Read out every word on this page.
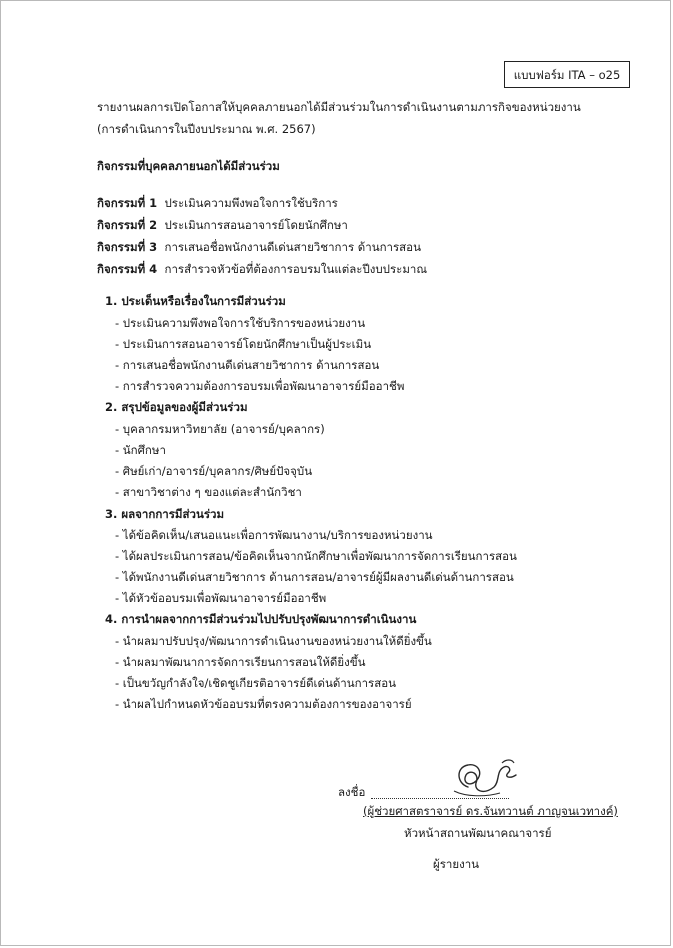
แบบฟอร์ม ITA – o25
รายงานผลการเปิดโอกาสให้บุคคลภายนอกได้มีส่วนร่วมในการดำเนินงานตามภารกิจของหน่วยงาน
(การดำเนินการในปีงบประมาณ พ.ศ. 2567)
กิจกรรมที่บุคคลภายนอกได้มีส่วนร่วม
กิจกรรมที่ 1 ประเมินความพึงพอใจการใช้บริการ
กิจกรรมที่ 2 ประเมินการสอนอาจารย์โดยนักศึกษา
กิจกรรมที่ 3 การเสนอชื่อพนักงานดีเด่นสายวิชาการ ด้านการสอน
กิจกรรมที่ 4 การสำรวจหัวข้อที่ต้องการอบรมในแต่ละปีงบประมาณ
1. ประเด็นหรือเรื่องในการมีส่วนร่วม
- ประเมินความพึงพอใจการใช้บริการของหน่วยงาน
- ประเมินการสอนอาจารย์โดยนักศึกษาเป็นผู้ประเมิน
- การเสนอชื่อพนักงานดีเด่นสายวิชาการ ด้านการสอน
- การสำรวจความต้องการอบรมเพื่อพัฒนาอาจารย์มืออาชีพ
2. สรุปข้อมูลของผู้มีส่วนร่วม
- บุคลากรมหาวิทยาลัย (อาจารย์/บุคลากร)
- นักศึกษา
- ศิษย์เก่า/อาจารย์/บุคลากร/ศิษย์ปัจจุบัน
- สาขาวิชาต่าง ๆ ของแต่ละสำนักวิชา
3. ผลจากการมีส่วนร่วม
- ได้ข้อคิดเห็น/เสนอแนะเพื่อการพัฒนางาน/บริการของหน่วยงาน
- ได้ผลประเมินการสอน/ข้อคิดเห็นจากนักศึกษาเพื่อพัฒนาการจัดการเรียนการสอน
- ได้พนักงานดีเด่นสายวิชาการ ด้านการสอน/อาจารย์ผู้มีผลงานดีเด่นด้านการสอน
- ได้หัวข้ออบรมเพื่อพัฒนาอาจารย์มืออาชีพ
4. การนำผลจากการมีส่วนร่วมไปปรับปรุงพัฒนาการดำเนินงาน
- นำผลมาปรับปรุง/พัฒนาการดำเนินงานของหน่วยงานให้ดียิ่งขึ้น
- นำผลมาพัฒนาการจัดการเรียนการสอนให้ดียิ่งขึ้น
- เป็นขวัญกำลังใจ/เชิดชูเกียรติอาจารย์ดีเด่นด้านการสอน
- นำผลไปกำหนดหัวข้ออบรมที่ตรงความต้องการของอาจารย์
ลงชื่อ
(ผู้ช่วยศาสตราจารย์ ดร.จันทวานต์ ภาญจนเวทางค์)
หัวหน้าสถานพัฒนาคณาจารย์
ผู้รายงาน
